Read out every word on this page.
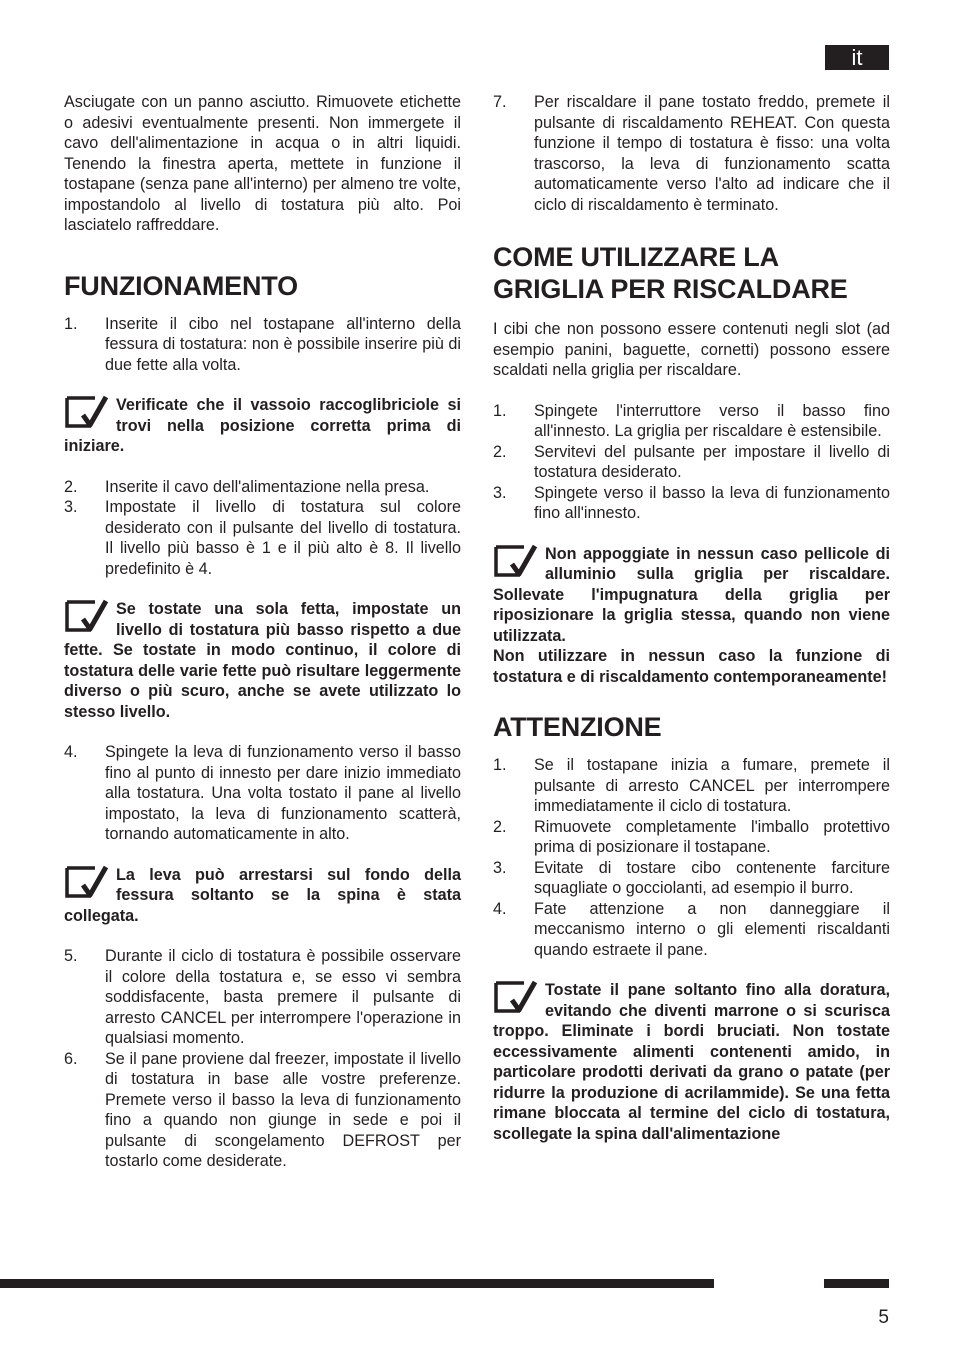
it

Asciugate con un panno asciutto. Rimuovete etichette o adesivi eventualmente presenti. Non immergete il cavo dell'alimentazione in acqua o in altri liquidi. Tenendo la finestra aperta, mettete in funzione il tostapane (senza pane all'interno) per almeno tre volte, impostandolo al livello di tostatura più alto. Poi lasciatelo raffreddare.

FUNZIONAMENTO
1. Inserite il cibo nel tostapane all'interno della fessura di tostatura: non è possibile inserire più di due fette alla volta.
Verificate che il vassoio raccoglibriciole si trovi nella posizione corretta prima di iniziare.
2. Inserite il cavo dell'alimentazione nella presa.
3. Impostate il livello di tostatura sul colore desiderato con il pulsante del livello di tostatura. Il livello più basso è 1 e il più alto è 8. Il livello predefinito è 4.
Se tostate una sola fetta, impostate un livello di tostatura più basso rispetto a due fette. Se tostate in modo continuo, il colore di tostatura delle varie fette può risultare leggermente diverso o più scuro, anche se avete utilizzato lo stesso livello.
4. Spingete la leva di funzionamento verso il basso fino al punto di innesto per dare inizio immediato alla tostatura. Una volta tostato il pane al livello impostato, la leva di funzionamento scatterà, tornando automaticamente in alto.
La leva può arrestarsi sul fondo della fessura soltanto se la spina è stata collegata.
5. Durante il ciclo di tostatura è possibile osservare il colore della tostatura e, se esso vi sembra soddisfacente, basta premere il pulsante di arresto CANCEL per interrompere l'operazione in qualsiasi momento.
6. Se il pane proviene dal freezer, impostate il livello di tostatura in base alle vostre preferenze. Premete verso il basso la leva di funzionamento fino a quando non giunge in sede e poi il pulsante di scongelamento DEFROST per tostarlo come desiderate.
7. Per riscaldare il pane tostato freddo, premete il pulsante di riscaldamento REHEAT. Con questa funzione il tempo di tostatura è fisso: una volta trascorso, la leva di funzionamento scatta automaticamente verso l'alto ad indicare che il ciclo di riscaldamento è terminato.
COME UTILIZZARE LA
GRIGLIA PER RISCALDARE

I cibi che non possono essere contenuti negli slot (ad esempio panini, baguette, cornetti) possono essere scaldati nella griglia per riscaldare.

1. Spingete l'interruttore verso il basso fino all'innesto. La griglia per riscaldare è estensibile.
2. Servitevi del pulsante per impostare il livello di tostatura desiderato.
3. Spingete verso il basso la leva di funzionamento fino all'innesto.
Non appoggiate in nessun caso pellicole di alluminio sulla griglia per riscaldare. Sollevate l'impugnatura della griglia per riposizionare la griglia stessa, quando non viene utilizzata.
Non utilizzare in nessun caso la funzione di tostatura e di riscaldamento contemporaneamente!
ATTENZIONE
1. Se il tostapane inizia a fumare, premete il pulsante di arresto CANCEL per interrompere immediatamente il ciclo di tostatura.
2. Rimuovete completamente l'imballo protettivo prima di posizionare il tostapane.
3. Evitate di tostare cibo contenente farciture squagliate o gocciolanti, ad esempio il burro.
4. Fate attenzione a non danneggiare il meccanismo interno o gli elementi riscaldanti quando estraete il pane.
Tostate il pane soltanto fino alla doratura, evitando che diventi marrone o si scurisca troppo. Eliminate i bordi bruciati. Non tostate eccessivamente alimenti contenenti amido, in particolare prodotti derivati da grano o patate (per ridurre la produzione di acrilammide). Se una fetta rimane bloccata al termine del ciclo di tostatura, scollegate la spina dall'alimentazione
5
